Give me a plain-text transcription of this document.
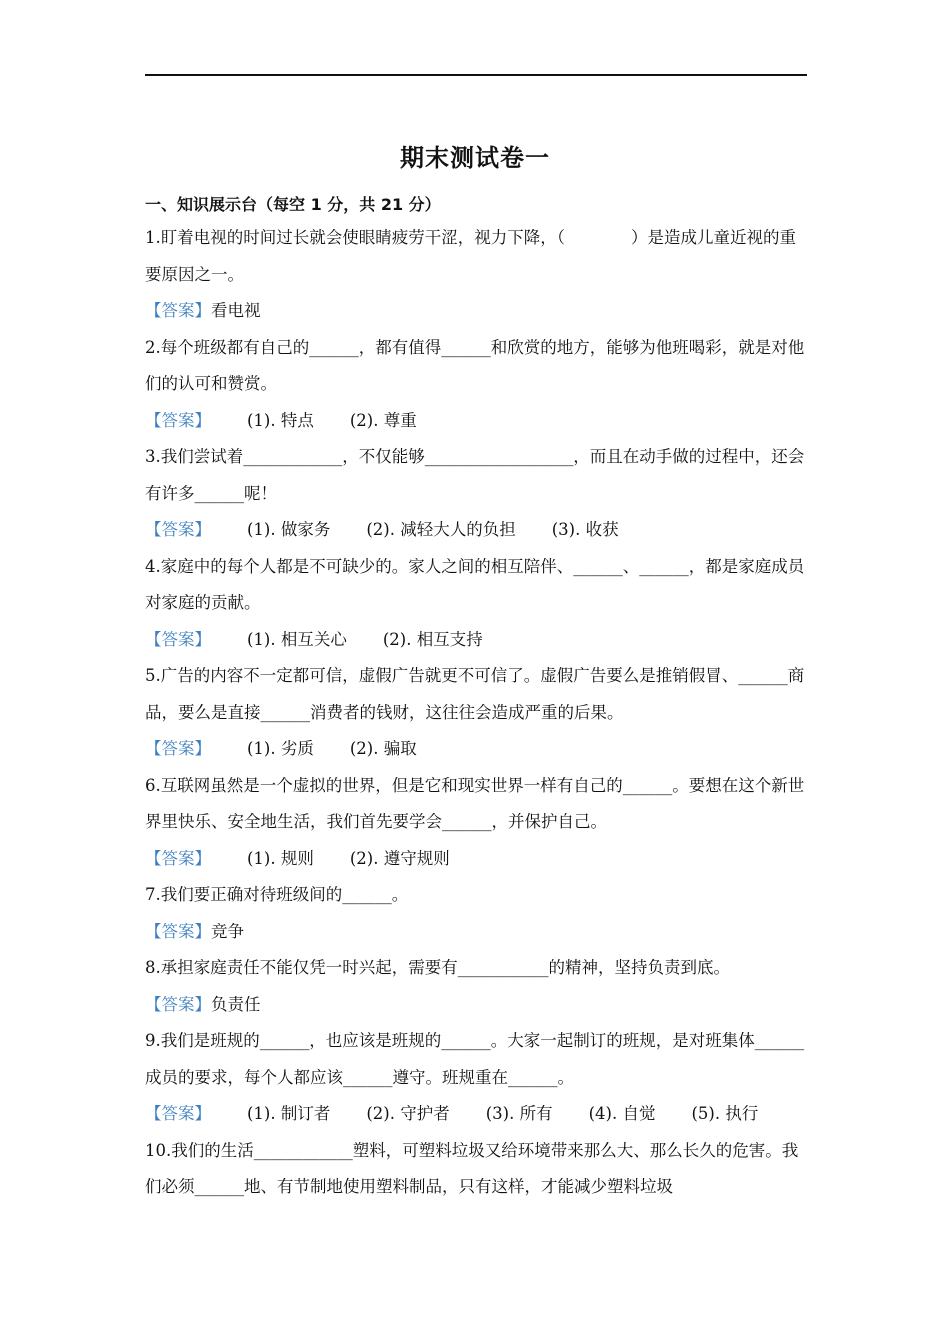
期末测试卷一
一、知识展示台（每空 1 分，共 21 分）
1.盯着电视的时间过长就会使眼睛疲劳干涩，视力下降，（　　　　）是造成儿童近视的重要原因之一。
【答案】看电视
2.每个班级都有自己的______，都有值得______和欣赏的地方，能够为他班喝彩，就是对他们的认可和赞赏。
【答案】 (1). 特点 (2). 尊重
3.我们尝试着____________，不仅能够__________________，而且在动手做的过程中，还会有许多______呢！
【答案】 (1). 做家务 (2). 减轻大人的负担 (3). 收获
4.家庭中的每个人都是不可缺少的。家人之间的相互陪伴、______、______，都是家庭成员对家庭的贡献。
【答案】 (1). 相互关心 (2). 相互支持
5.广告的内容不一定都可信，虚假广告就更不可信了。虚假广告要么是推销假冒、______商品，要么是直接______消费者的钱财，这往往会造成严重的后果。
【答案】 (1). 劣质 (2). 骗取
6.互联网虽然是一个虚拟的世界，但是它和现实世界一样有自己的______。要想在这个新世界里快乐、安全地生活，我们首先要学会______，并保护自己。
【答案】 (1). 规则 (2). 遵守规则
7.我们要正确对待班级间的______。
【答案】竞争
8.承担家庭责任不能仅凭一时兴起，需要有___________的精神，坚持负责到底。
【答案】负责任
9.我们是班规的______，也应该是班规的______。大家一起制订的班规，是对班集体______成员的要求，每个人都应该______遵守。班规重在______。
【答案】 (1). 制订者 (2). 守护者 (3). 所有 (4). 自觉 (5). 执行
10.我们的生活____________塑料，可塑料垃圾又给环境带来那么大、那么长久的危害。我们必须______地、有节制地使用塑料制品，只有这样，才能减少塑料垃圾
